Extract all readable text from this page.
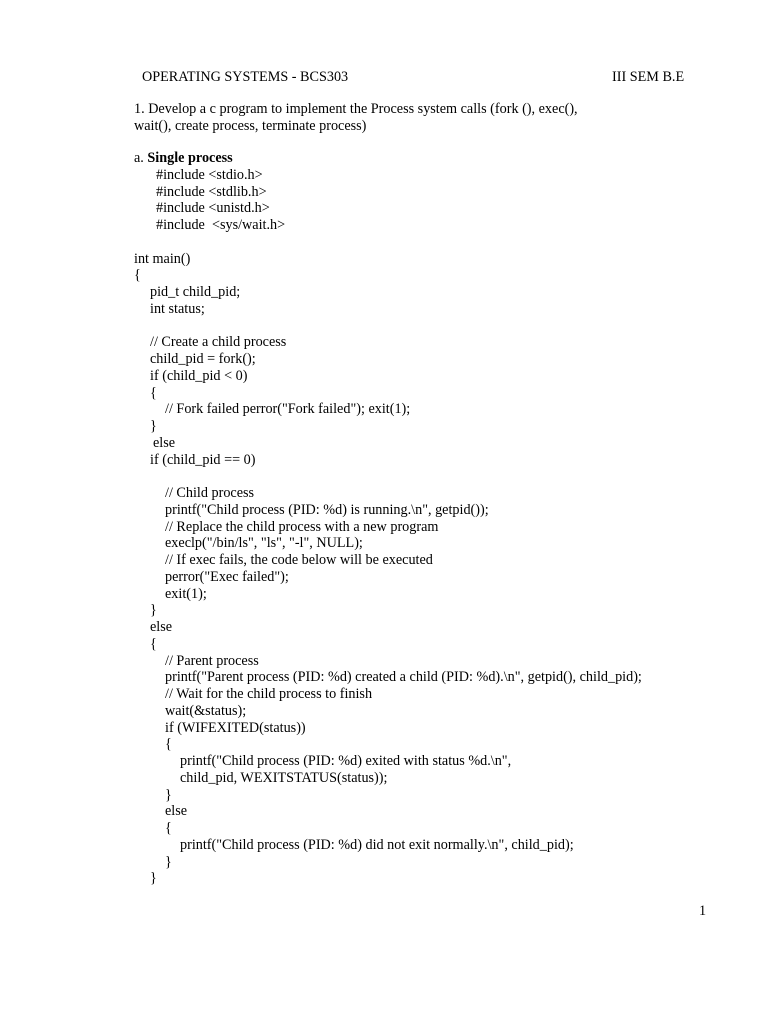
OPERATING SYSTEMS - BCS303	III SEM B.E

1. Develop a c program to implement the Process system calls (fork (), exec(),
wait(), create process, terminate process)

a. Single process
#include <stdio.h>
#include <stdlib.h>
#include <unistd.h>
#include  <sys/wait.h>
int main()
{
pid_t child_pid;
int status;
// Create a child process
child_pid = fork();
if (child_pid < 0)
{
// Fork failed perror("Fork failed"); exit(1);
}
else
if (child_pid == 0)
// Child process
printf("Child process (PID: %d) is running.\n", getpid());
// Replace the child process with a new program
execlp("/bin/ls", "ls", "-l", NULL);
// If exec fails, the code below will be executed
perror("Exec failed");
exit(1);
}
else
{
// Parent process
printf("Parent process (PID: %d) created a child (PID: %d).\n", getpid(), child_pid);
// Wait for the child process to finish
wait(&status);
if (WIFEXITED(status))
{
printf("Child process (PID: %d) exited with status %d.\n",
child_pid, WEXITSTATUS(status));
}
else
{
printf("Child process (PID: %d) did not exit normally.\n", child_pid);
}
}
1
